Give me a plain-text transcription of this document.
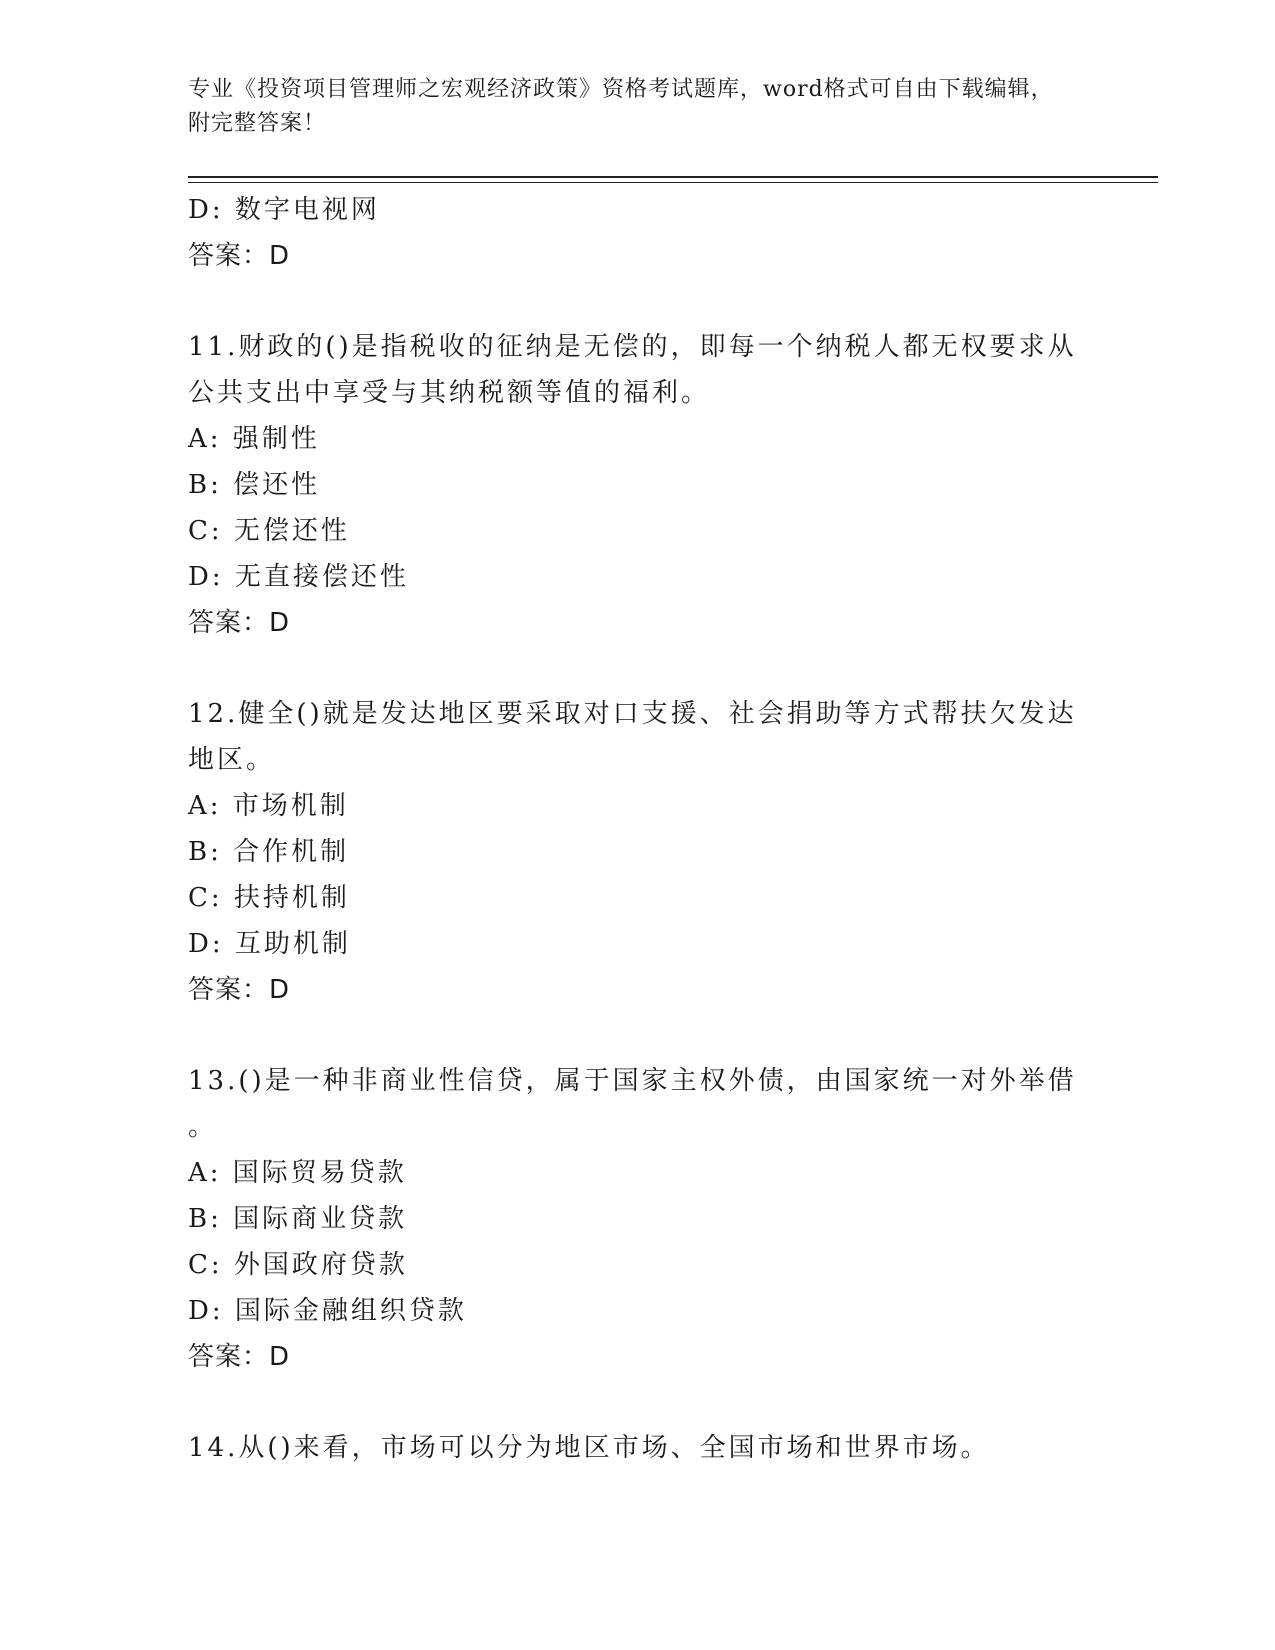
专业《投资项目管理师之宏观经济政策》资格考试题库，word格式可自由下载编辑，附完整答案！
D: 数字电视网
答案：D
11.财政的()是指税收的征纳是无偿的，即每一个纳税人都无权要求从
公共支出中享受与其纳税额等值的福利。
A: 强制性
B: 偿还性
C: 无偿还性
D: 无直接偿还性
答案：D
12.健全()就是发达地区要采取对口支援、社会捐助等方式帮扶欠发达
地区。
A: 市场机制
B: 合作机制
C: 扶持机制
D: 互助机制
答案：D
13.()是一种非商业性信贷，属于国家主权外债，由国家统一对外举借
。
A: 国际贸易贷款
B: 国际商业贷款
C: 外国政府贷款
D: 国际金融组织贷款
答案：D
14.从()来看，市场可以分为地区市场、全国市场和世界市场。
